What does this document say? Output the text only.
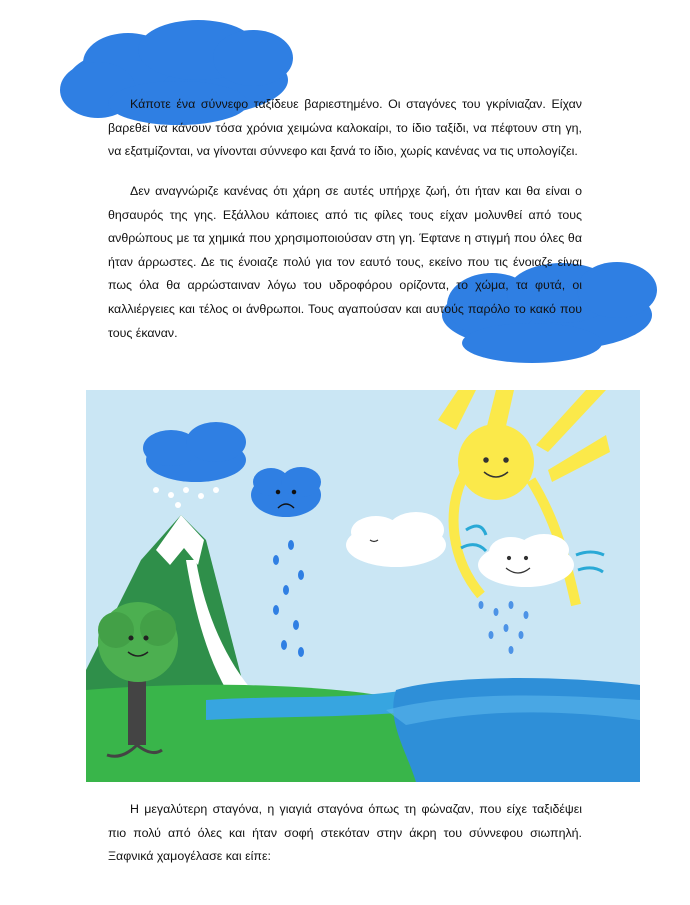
Κάποτε ένα σύννεφο ταξίδευε βαριεστημένο. Οι σταγόνες του γκρίνιαζαν. Είχαν βαρεθεί να κάνουν τόσα χρόνια χειμώνα καλοκαίρι, το ίδιο ταξίδι, να πέφτουν στη γη, να εξατμίζονται, να γίνονται σύννεφο και ξανά το ίδιο, χωρίς κανένας να τις υπολογίζει.

Δεν αναγνώριζε κανένας ότι χάρη σε αυτές υπήρχε ζωή, ότι ήταν και θα είναι ο θησαυρός της γης. Εξάλλου κάποιες από τις φίλες τους είχαν μολυνθεί από τους ανθρώπους με τα χημικά που χρησιμοποιούσαν στη γη. Έφτανε η στιγμή που όλες θα ήταν άρρωστες. Δε τις ένοιαζε πολύ για τον εαυτό τους, εκείνο που τις ένοιαζε είναι πως όλα θα αρρώσταιναν λόγω του υδροφόρου ορίζοντα, το χώμα, τα φυτά, οι καλλιέργειες και τέλος οι άνθρωποι. Τους αγαπούσαν και αυτούς παρόλο το κακό που τους έκαναν.

Η μεγαλύτερη σταγόνα, η γιαγιά σταγόνα όπως τη φώναζαν, που είχε ταξιδέψει πιο πολύ από όλες και ήταν σοφή στεκόταν στην άκρη του σύννεφου σιωπηλή. Ξαφνικά χαμογέλασε και είπε:
